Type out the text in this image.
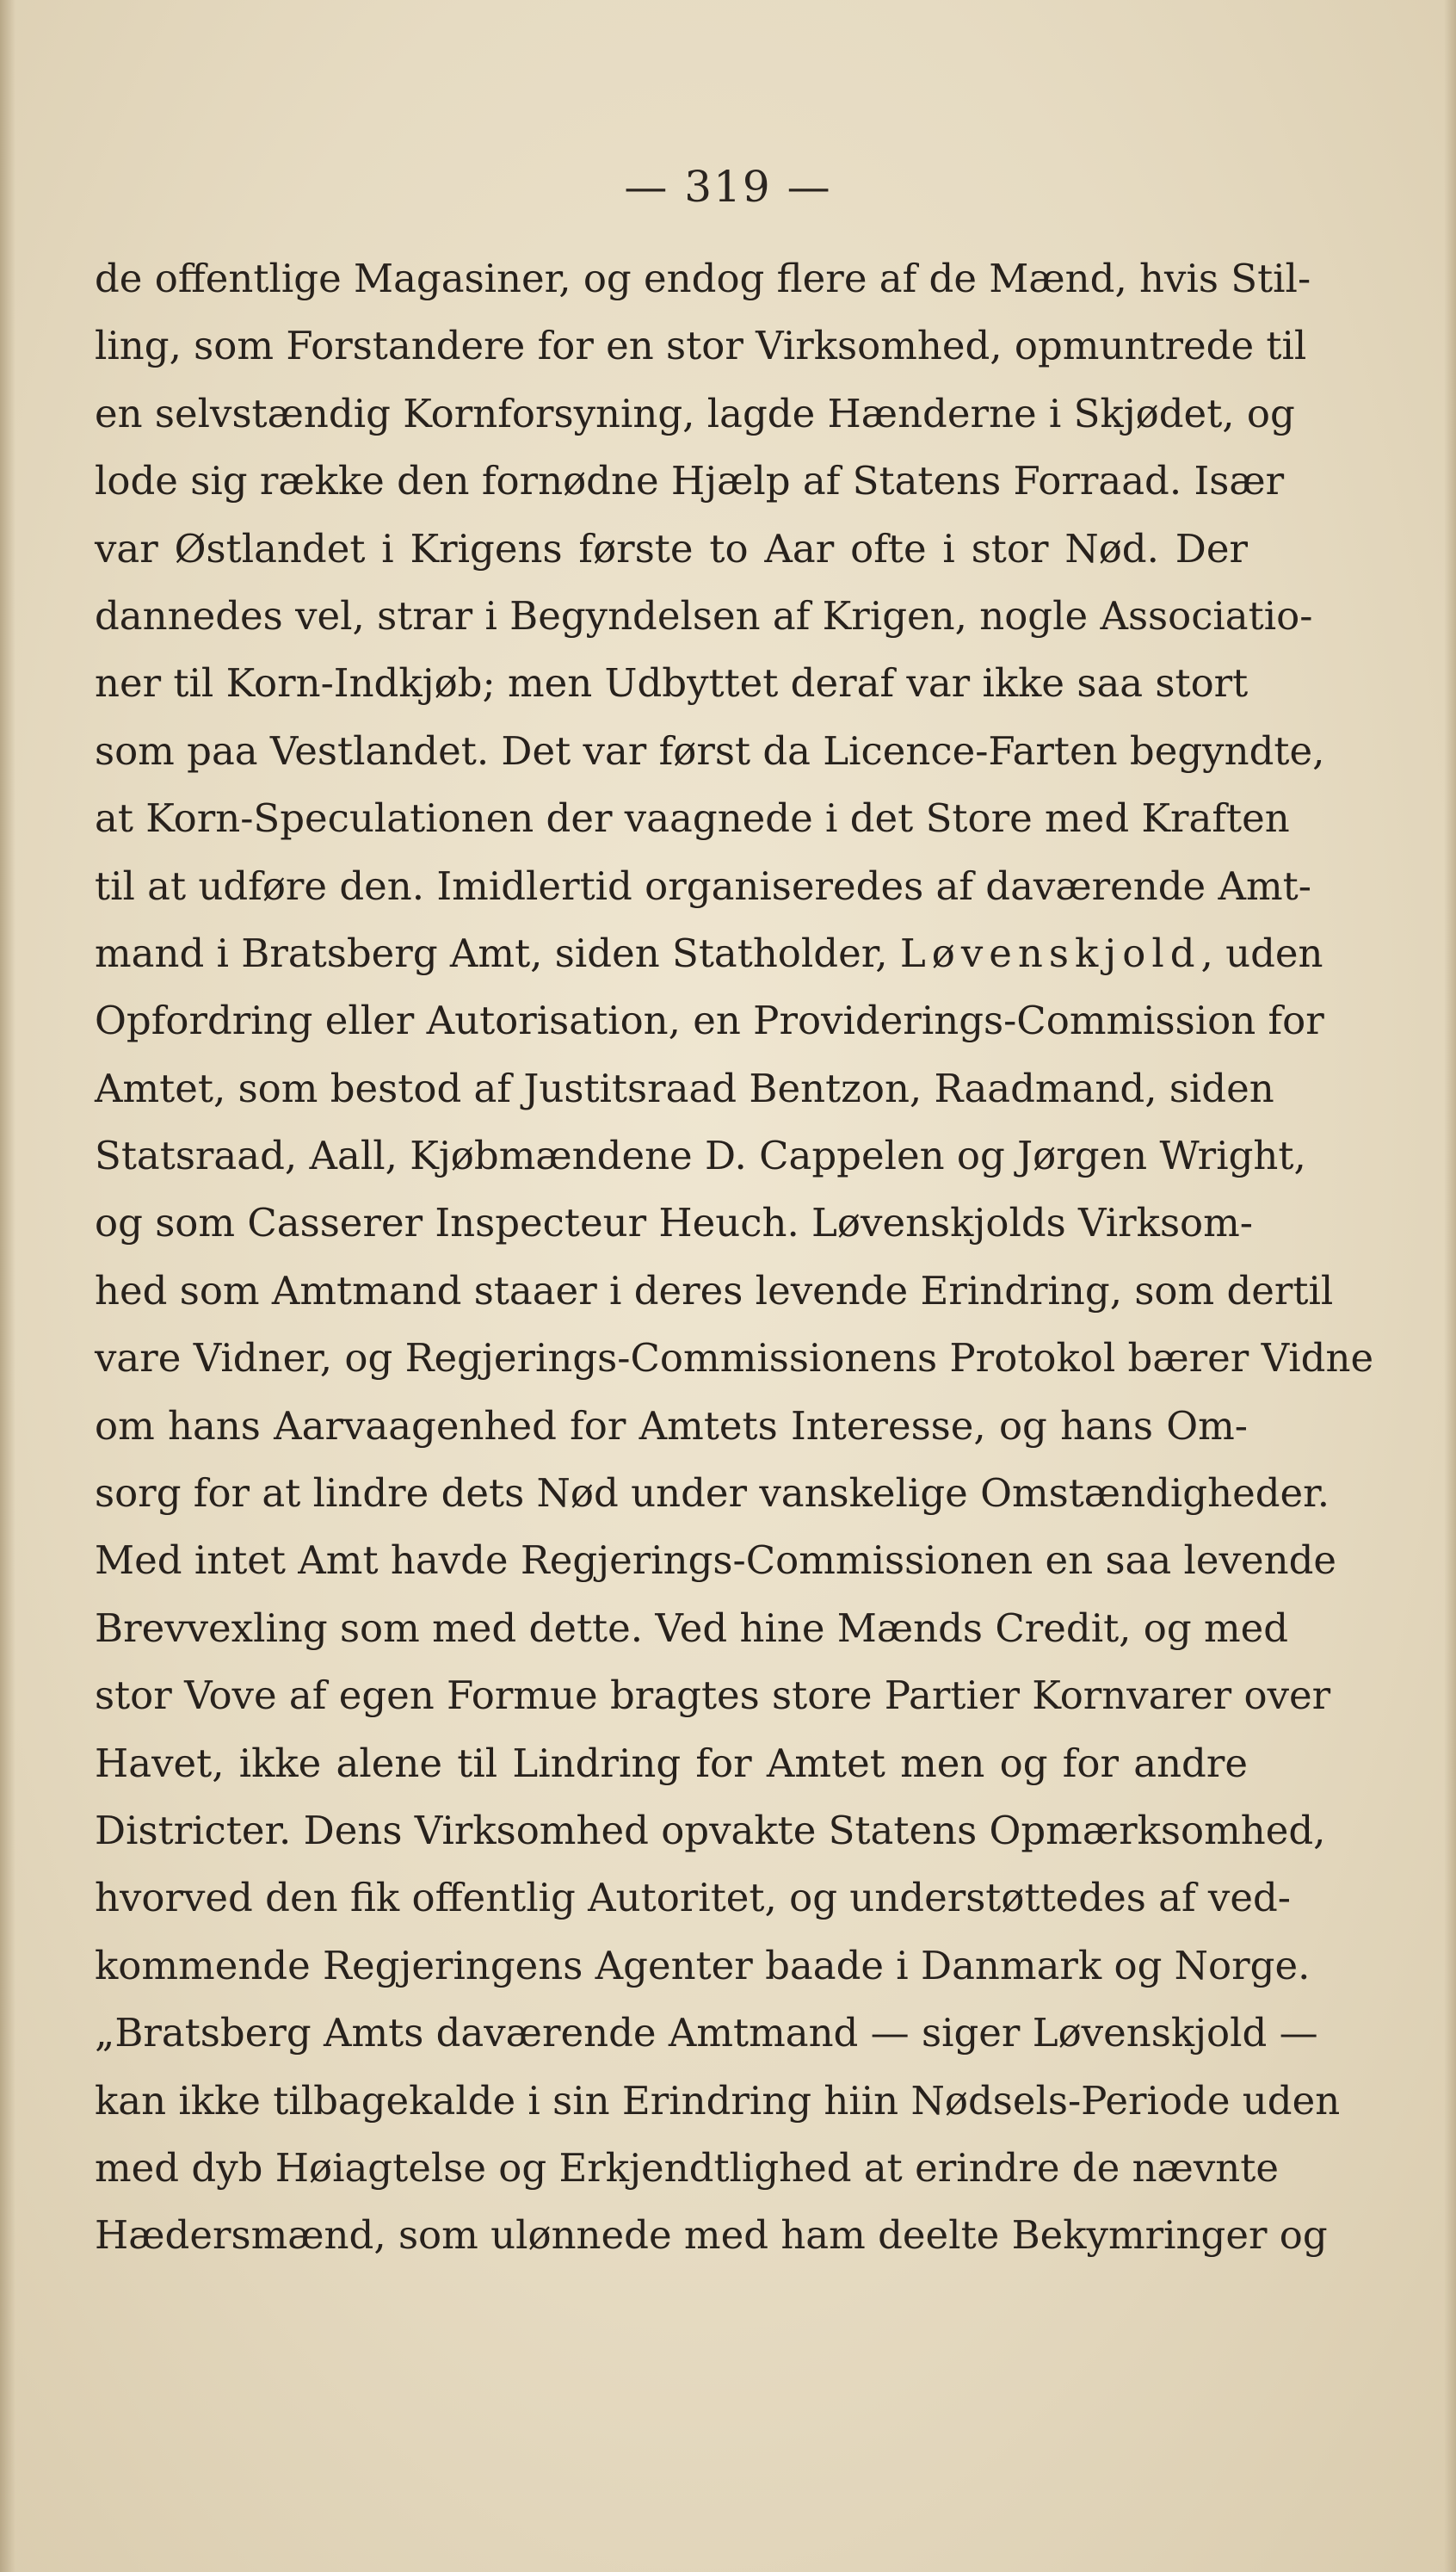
— 319 —
de offentlige Magasiner, og endog flere af de Mænd, hvis Stil-
ling, som Forstandere for en stor Virksomhed, opmuntrede til
en selvstændig Kornforsyning, lagde Hænderne i Skjødet, og
lode sig række den fornødne Hjælp af Statens Forraad. Især
var Østlandet i Krigens første to Aar ofte i stor Nød. Der
dannedes vel, strar i Begyndelsen af Krigen, nogle Associatio-
ner til Korn-Indkjøb; men Udbyttet deraf var ikke saa stort
som paa Vestlandet. Det var først da Licence-Farten begyndte,
at Korn-Speculationen der vaagnede i det Store med Kraften
til at udføre den. Imidlertid organiseredes af daværende Amt-
mand i Bratsberg Amt, siden Statholder, Løvenskjold, uden
Opfordring eller Autorisation, en Providerings-Commission for
Amtet, som bestod af Justitsraad Bentzon, Raadmand, siden
Statsraad, Aall, Kjøbmændene D. Cappelen og Jørgen Wright,
og som Casserer Inspecteur Heuch. Løvenskjolds Virksom-
hed som Amtmand staaer i deres levende Erindring, som dertil
vare Vidner, og Regjerings-Commissionens Protokol bærer Vidne
om hans Aarvaagenhed for Amtets Interesse, og hans Om-
sorg for at lindre dets Nød under vanskelige Omstændigheder.
Med intet Amt havde Regjerings-Commissionen en saa levende
Brevvexling som med dette. Ved hine Mænds Credit, og med
stor Vove af egen Formue bragtes store Partier Kornvarer over
Havet, ikke alene til Lindring for Amtet men og for andre
Districter. Dens Virksomhed opvakte Statens Opmærksomhed,
hvorved den fik offentlig Autoritet, og understøttedes af ved-
kommende Regjeringens Agenter baade i Danmark og Norge.
„Bratsberg Amts daværende Amtmand — siger Løvenskjold —
kan ikke tilbagekalde i sin Erindring hiin Nødsels-Periode uden
med dyb Høiagtelse og Erkjendtlighed at erindre de nævnte
Hædersmænd, som ulønnede med ham deelte Bekymringer og
